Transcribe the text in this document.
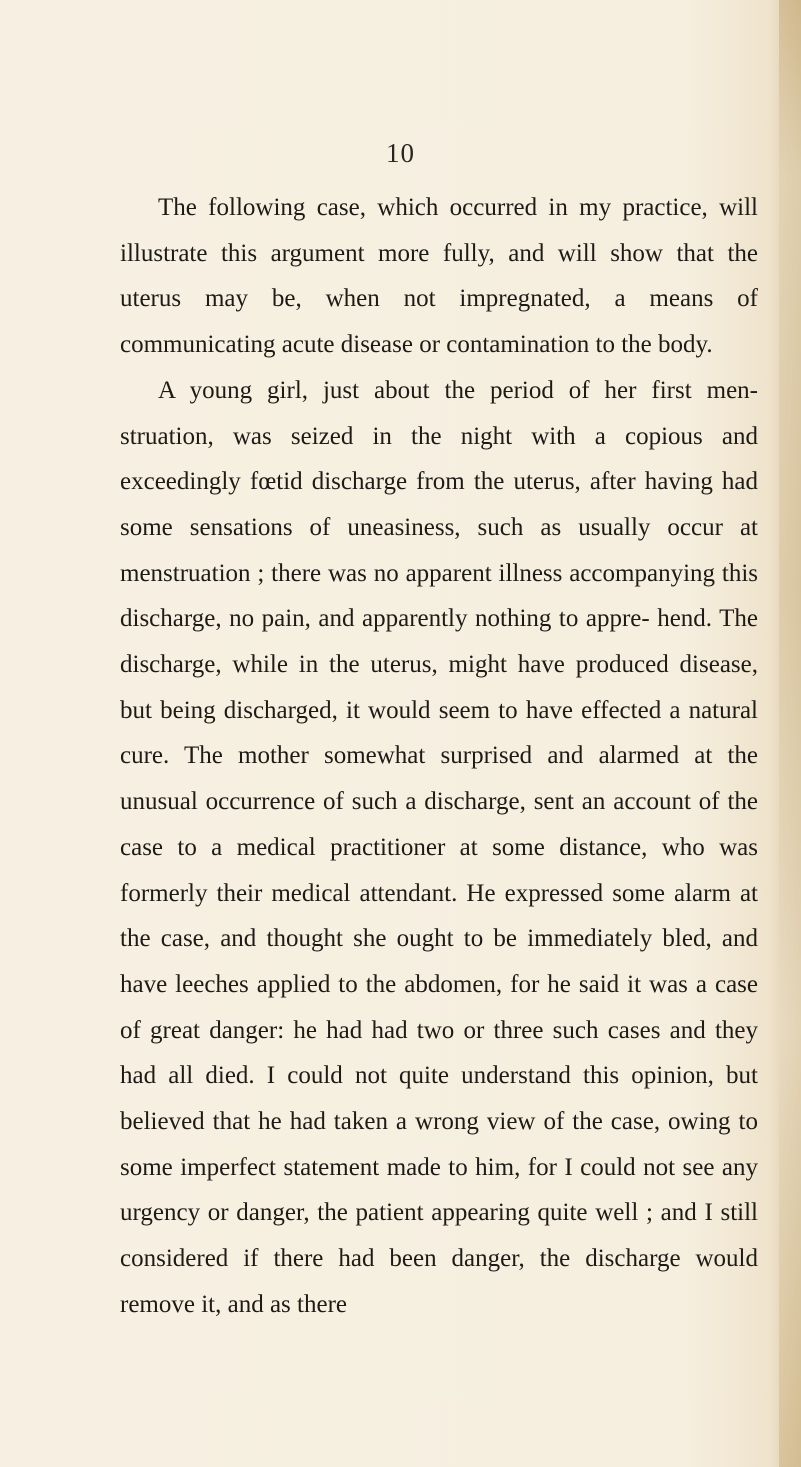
10

The following case, which occurred in my practice, will illustrate this argument more fully, and will show that the uterus may be, when not impregnated, a means of communicating acute disease or contamination to the body.

A young girl, just about the period of her first men- struation, was seized in the night with a copious and exceedingly fœtid discharge from the uterus, after having had some sensations of uneasiness, such as usually occur at menstruation ; there was no apparent illness accompanying this discharge, no pain, and apparently nothing to appre- hend. The discharge, while in the uterus, might have produced disease, but being discharged, it would seem to have effected a natural cure. The mother somewhat surprised and alarmed at the unusual occurrence of such a discharge, sent an account of the case to a medical practitioner at some distance, who was formerly their medical attendant. He expressed some alarm at the case, and thought she ought to be immediately bled, and have leeches applied to the abdomen, for he said it was a case of great danger: he had had two or three such cases and they had all died. I could not quite understand this opinion, but believed that he had taken a wrong view of the case, owing to some imperfect statement made to him, for I could not see any urgency or danger, the patient appearing quite well ; and I still considered if there had been danger, the discharge would remove it, and as there
